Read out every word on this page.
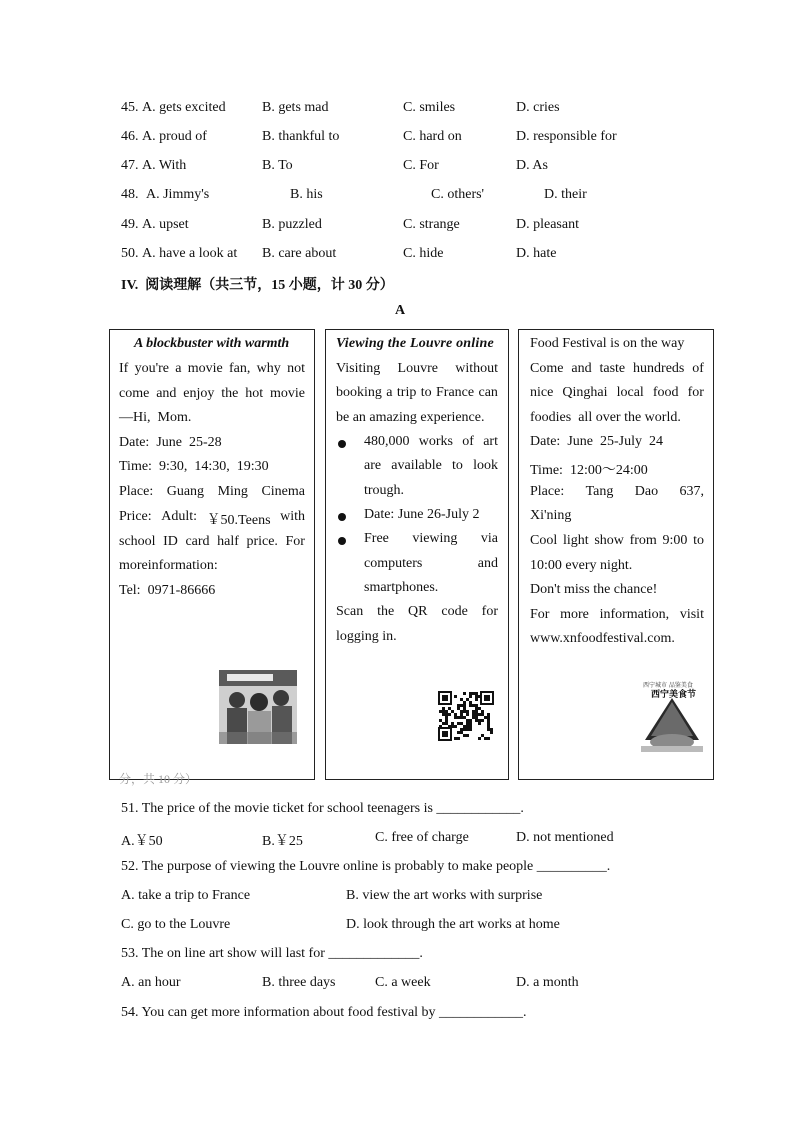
45. A. gets excited	B. gets mad	C. smiles	D. cries
46. A. proud of	B. thankful to	C. hard on	D. responsible for
47. A. With	B. To	C. For	D. As
48. A. Jimmy's	B. his	C. others'	D. their
49. A. upset	B. puzzled	C. strange	D. pleasant
50. A. have a look at B. care about	C. hide	D. hate
IV. 阅读理解（共三节，15 小题，计 30 分）
A
A blockbuster with warmth
If you're a movie fan, why not
come and enjoy the hot movie
—Hi,  Mom.
Date:  June  25-28
Time:  9:30,  14:30,  19:30
Place: Guang Ming Cinema
Price: Adult: ￥50.Teens with
school ID card half price. For
moreinformation:
Tel:  0971-86666
Viewing the Louvre online
Visiting Louvre without
booking a trip to France can
be an amazing experience.
480,000 works of art
are available to look
trough.
Date: June 26-July 2
Free viewing via
computers	and
smartphones.
Scan the QR code for
logging in.
Food Festival is on the way
西宁城市 品鉴美食
西宁美食节
Come and taste hundreds of
nice Qinghai local food for
foodies  all over the world.
Date:  June  25-July  24
Time:  12:00～24:00
Place: Tang Dao 637,
Xi'ning
Cool light show from 9:00 to
10:00 every night.
Don't miss the chance!
For more information, visit
www.xnfoodfestival.com.
分，共 10 分）
51. The price of the movie ticket for school teenagers is ____________.
A.￥50	B.￥25	C. free of charge	D. not mentioned
52. The purpose of viewing the Louvre online is probably to make people __________.
A. take a trip to France	B. view the art works with surprise
C. go to the Louvre	D. look through the art works at home
53. The on line art show will last for _____________.
A. an hour	B. three days	C. a week	D. a month
54. You can get more information about food festival by ____________.
